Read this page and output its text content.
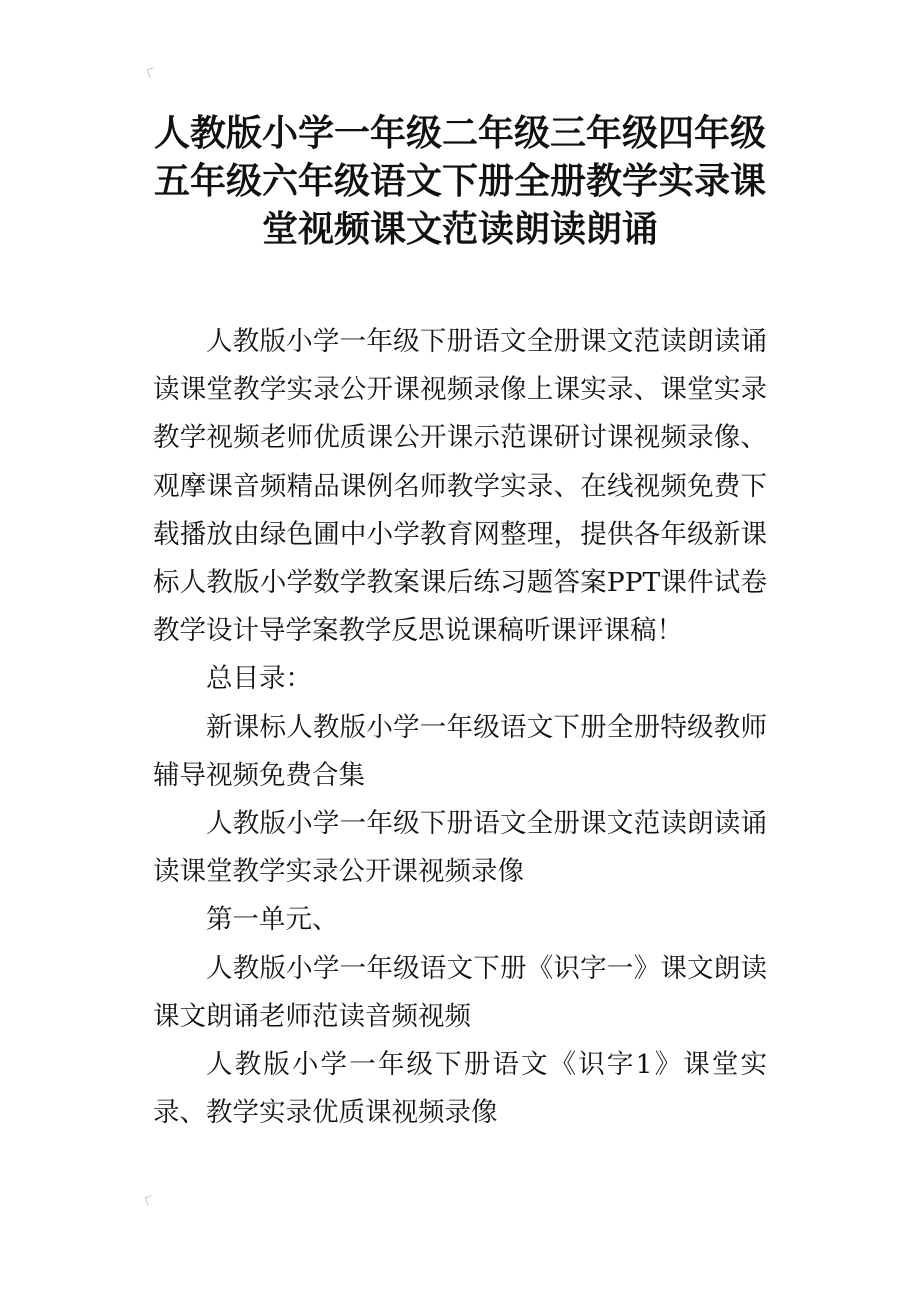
人教版小学一年级二年级三年级四年级五年级六年级语文下册全册教学实录课堂视频课文范读朗读朗诵

人教版小学一年级下册语文全册课文范读朗读诵读课堂教学实录公开课视频录像上课实录、课堂实录教学视频老师优质课公开课示范课研讨课视频录像、观摩课音频精品课例名师教学实录、在线视频免费下载播放由绿色圃中小学教育网整理，提供各年级新课标人教版小学数学教案课后练习题答案PPT课件试卷教学设计导学案教学反思说课稿听课评课稿！

总目录：

新课标人教版小学一年级语文下册全册特级教师辅导视频免费合集

人教版小学一年级下册语文全册课文范读朗读诵读课堂教学实录公开课视频录像

第一单元、

人教版小学一年级语文下册《识字一》课文朗读课文朗诵老师范读音频视频

人教版小学一年级下册语文《识字1》课堂实录、教学实录优质课视频录像
